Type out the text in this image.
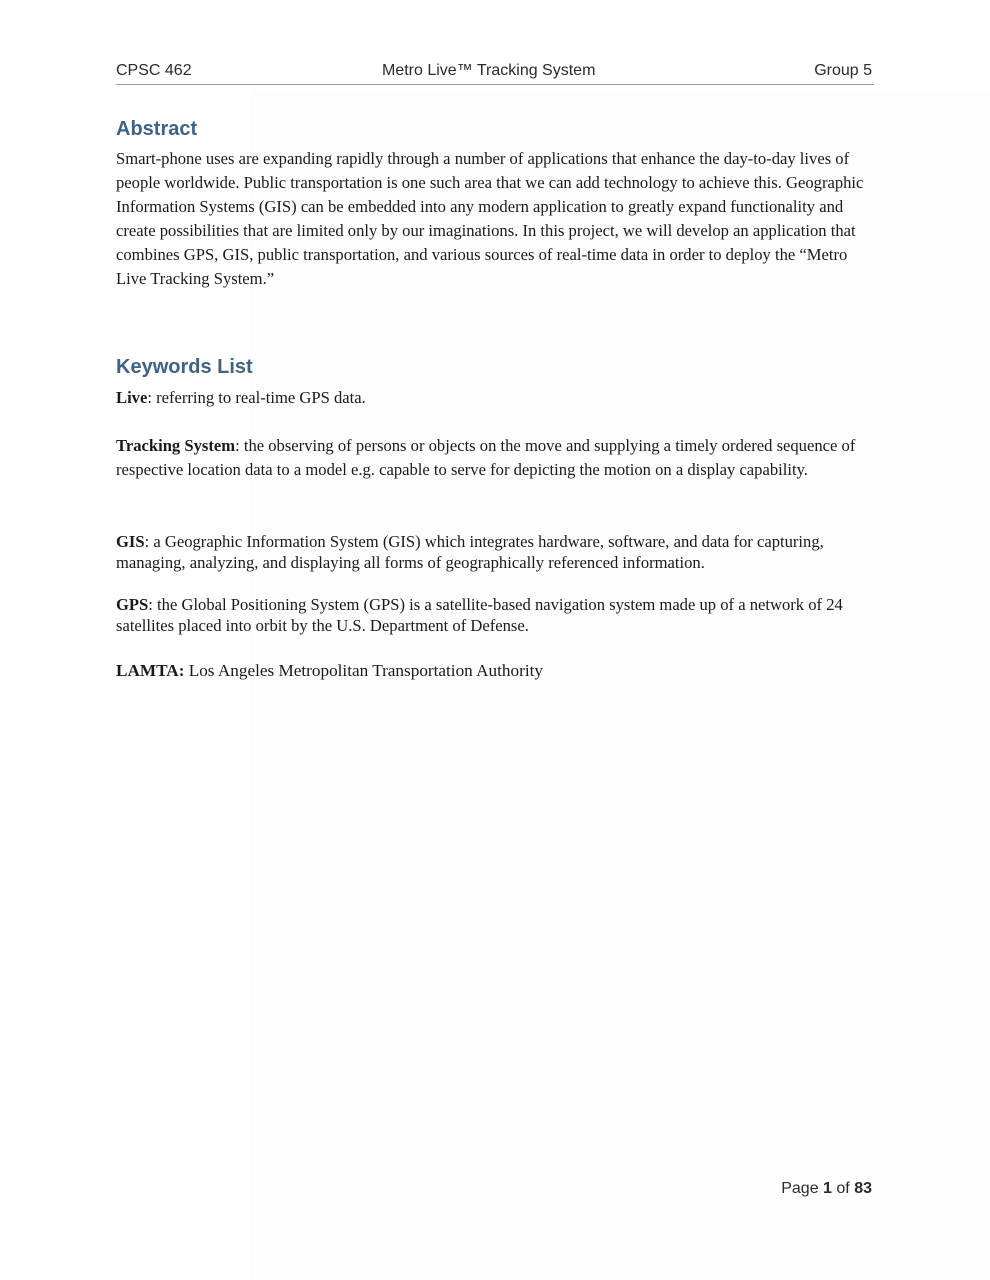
CPSC 462	Metro Live™ Tracking System	Group 5
Abstract

Smart-phone uses are expanding rapidly through a number of applications that enhance the day-to-day lives of people worldwide. Public transportation is one such area that we can add technology to achieve this. Geographic Information Systems (GIS) can be embedded into any modern application to greatly expand functionality and create possibilities that are limited only by our imaginations. In this project, we will develop an application that combines GPS, GIS, public transportation, and various sources of real-time data in order to deploy the “Metro Live Tracking System.”

Keywords List

Live: referring to real-time GPS data.

Tracking System: the observing of persons or objects on the move and supplying a timely ordered sequence of respective location data to a model e.g. capable to serve for depicting the motion on a display capability.

GIS: a Geographic Information System (GIS) which integrates hardware, software, and data for capturing, managing, analyzing, and displaying all forms of geographically referenced information.

GPS: the Global Positioning System (GPS) is a satellite-based navigation system made up of a network of 24 satellites placed into orbit by the U.S. Department of Defense.

LAMTA: Los Angeles Metropolitan Transportation Authority

Page 1 of 83
